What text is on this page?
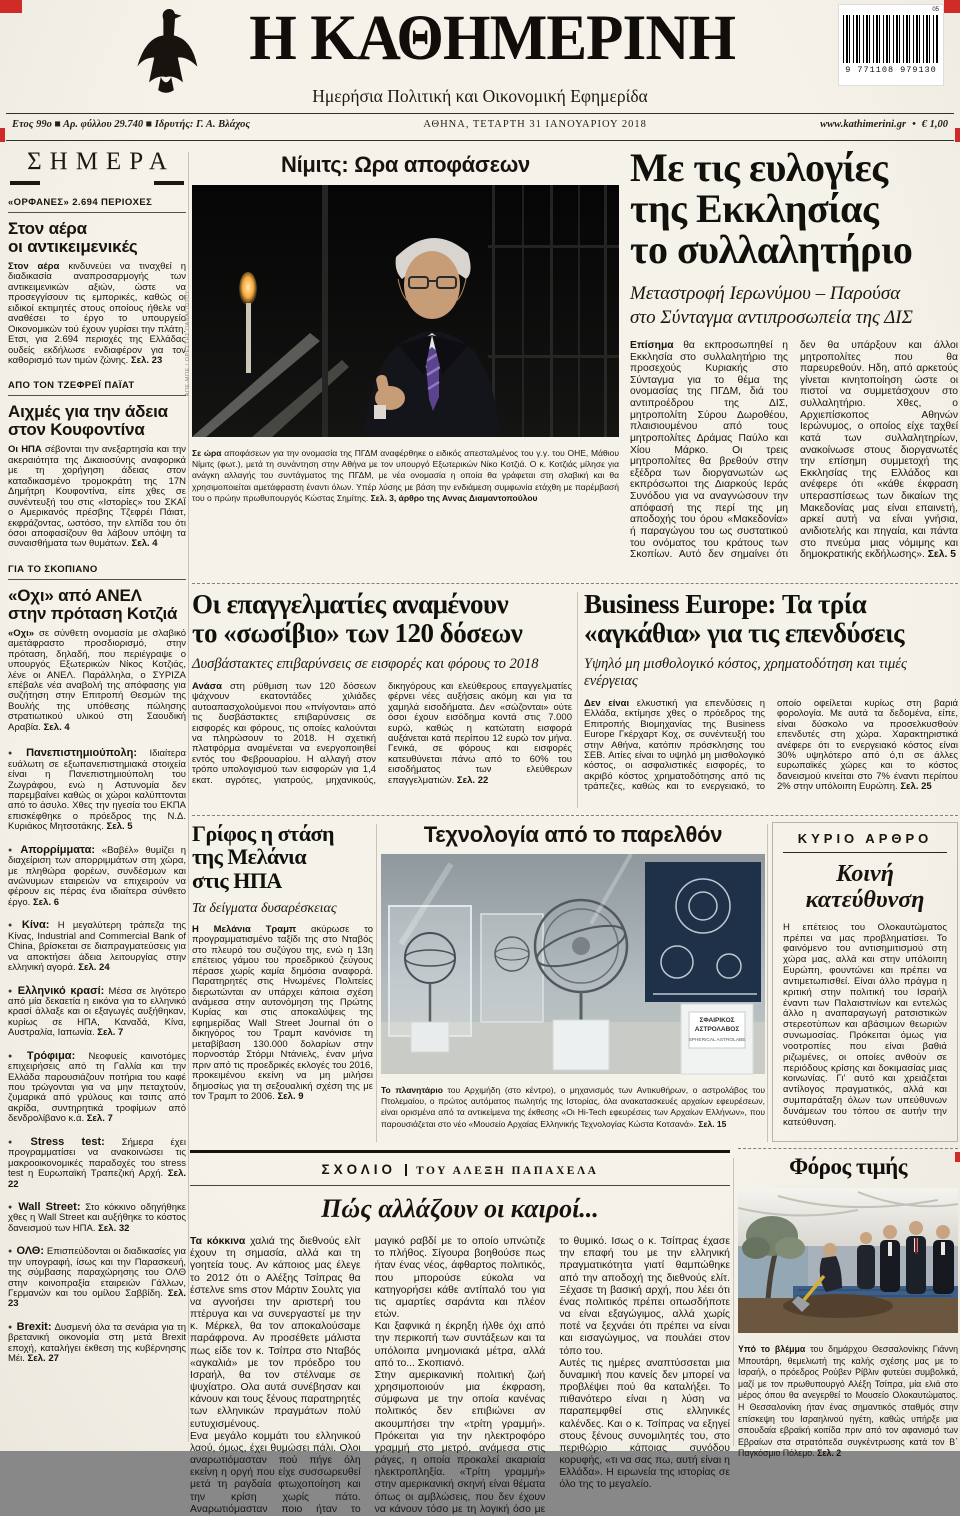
Η ΚΑΘΗΜΕΡΙΝΗ	05
9 771108 979130
Ημερήσια Πολιτική και Οικονομική Εφημερίδα
Ετος 99ο ■ Αρ. φύλλου 29.740 ■ Ιδρυτής: Γ. Α. Βλάχος	ΑΘΗΝΑ, ΤΕΤΑΡΤΗ 31 ΙΑΝΟΥΑΡΙΟΥ 2018	www.kathimerini.gr • € 1,00
ΣΗΜΕΡΑ
«ΟΡΦΑΝΕΣ» 2.694 ΠΕΡΙΟΧΕΣ
Στον αέρα
οι αντικειμενικές

Στον αέρα κινδυνεύει να τιναχθεί η διαδικασία αναπροσαρμογής των αντικειμενικών αξιών, ώστε να προσεγγίσουν τις εμπορικές, καθώς οι ειδικοί εκτιμητές στους οποίους ήθελε να αναθέσει το έργο το υπουργείο Οικονομικών τού έχουν γυρίσει την πλάτη. Ετσι, για 2.694 περιοχές της Ελλάδας ουδείς εκδήλωσε ενδιαφέρον για τον καθορισμό των τιμών ζώνης. Σελ. 23

ΑΠΟ ΤΟΝ ΤΖΕΦΡΕΪ ΠΑΪΑΤ
Αιχμές για την άδεια
στον Κουφοντίνα

Οι ΗΠΑ σέβονται την ανεξαρτησία και την ακεραιότητα της Δικαιοσύνης αναφορικά με τη χορήγηση άδειας στον καταδικασμένο τρομοκράτη της 17Ν Δημήτρη Κουφοντίνα, είπε χθες σε συνέντευξή του στις «Ιστορίες» του ΣΚΑΪ ο Αμερικανός πρέσβης Τζεφρέι Πάιατ, εκφράζοντας, ωστόσο, την ελπίδα του ότι όσοι αποφασίζουν θα λάβουν υπόψη τα συναισθήματα των θυμάτων. Σελ. 4

ΓΙΑ ΤΟ ΣΚΟΠΙΑΝΟ
«Οχι» από ΑΝΕΛ
στην πρόταση Κοτζιά

«Οχι» σε σύνθετη ονομασία με σλαβικό αμετάφραστο προσδιορισμό, στην πρόταση, δηλαδή, που περιέγραψε ο υπουργός Εξωτερικών Νίκος Κοτζιάς, λένε οι ΑΝΕΛ. Παράλληλα, ο ΣΥΡΙΖΑ επέβαλε νέα αναβολή της απόφασης για συζήτηση στην Επιτροπή Θεσμών της Βουλής της υπόθεσης πώλησης στρατιωτικού υλικού στη Σαουδική Αραβία. Σελ. 4

● Πανεπιστημιούπολη: Ιδιαίτερα ευάλωτη σε εξωπανεπιστημιακά στοιχεία είναι η Πανεπιστημιούπολη του Ζωγράφου, ενώ η Αστυνομία δεν παρεμβαίνει καθώς οι χώροι καλύπτονται από το άσυλο. Χθες την ηγεσία του ΕΚΠΑ επισκέφθηκε ο πρόεδρος της Ν.Δ. Κυριάκος Μητσοτάκης. Σελ. 5

● Απορρίμματα: «Βαβέλ» θυμίζει η διαχείριση των απορριμμάτων στη χώρα, με πληθώρα φορέων, συνδέσμων και ανώνυμων εταιρειών να επιχειρούν να φέρουν εις πέρας ένα ιδιαίτερα σύνθετο έργο. Σελ. 6

● Κίνα: Η μεγαλύτερη τράπεζα της Κίνας, Industrial and Commercial Bank of China, βρίσκεται σε διαπραγματεύσεις για να αποκτήσει άδεια λειτουργίας στην ελληνική αγορά. Σελ. 24

● Ελληνικό κρασί: Μέσα σε λιγότερο από μία δεκαετία η εικόνα για το ελληνικό κρασί άλλαξε και οι εξαγωγές αυξήθηκαν, κυρίως σε ΗΠΑ, Καναδά, Κίνα, Αυστραλία, Ιαπωνία. Σελ. 7

● Τρόφιμα: Νεοφυείς καινοτόμες επιχειρήσεις από τη Γαλλία και την Ελλάδα παρουσιάζουν ποτήρια του καφέ που τρώγονται για να μην πεταχτούν, ζυμαρικά από γρύλους και τσιπς από ακρίδα, συντηρητικά τροφίμων από δενδρολίβανο κ.ά. Σελ. 7

● Stress test: Σήμερα έχει προγραμματίσει να ανακοινώσει τις μακροοικονομικές παραδοχές του stress test η Ευρωπαϊκή Τραπεζική Αρχή. Σελ. 22

● Wall Street: Στο κόκκινο οδηγήθηκε χθες η Wall Street και αυξήθηκε το κόστος δανεισμού των ΗΠΑ. Σελ. 32

● ΟΛΘ: Επισπεύδονται οι διαδικασίες για την υπογραφή, ίσως και την Παρασκευή, της σύμβασης παραχώρησης του ΟΛΘ στην κοινοπραξία εταιρειών Γάλλων, Γερμανών και του ομίλου Σαββίδη. Σελ. 23

● Brexit: Δυσμενή όλα τα σενάρια για τη βρετανική οικονομία στη μετά Brexit εποχή, καταλήγει έκθεση της κυβέρνησης Μέι. Σελ. 27

Νίμιτς: Ωρα αποφάσεων

Σε ώρα αποφάσεων για την ονομασία της ΠΓΔΜ αναφέρθηκε ο ειδικός απεσταλμένος του γ.γ. του ΟΗΕ, Μάθιου Νίμιτς (φωτ.), μετά τη συνάντηση στην Αθήνα με τον υπουργό Εξωτερικών Νίκο Κοτζιά. Ο κ. Κοτζιάς μίλησε για ανάγκη αλλαγής του συντάγματος της ΠΓΔΜ, με νέα ονομασία η οποία θα γράφεται στη σλαβική και θα χρησιμοποιείται αμετάφραστη έναντι όλων. Υπέρ λύσης με βάση την ενδιάμεση συμφωνία ετάχθη με παρέμβασή του ο πρώην πρωθυπουργός Κώστας Σημίτης. Σελ. 3, άρθρο της Αννας Διαμαντοπούλου

ΑΠΕ-ΜΠΕ / ΟΡΕΣΤΗΣ ΠΑΝΑΓΙΩΤΟΥ
Με τις ευλογίες
της Εκκλησίας
το συλλαλητήριο
Μεταστροφή Ιερωνύμου – Παρούσα
στο Σύνταγμα αντιπροσωπεία της ΔΙΣ
Επίσημα θα εκπροσωπηθεί η Εκκλησία στο συλλαλητήριο της προσεχούς Κυριακής στο Σύνταγμα για το θέμα της ονομασίας της ΠΓΔΜ, διά του αντιπροέδρου της ΔΙΣ, μητροπολίτη Σύρου Δωροθέου, πλαισιουμένου από τους μητροπολίτες Δράμας Παύλο και Χίου Μάρκο. Οι τρεις μητροπολίτες θα βρεθούν στην εξέδρα των διοργανωτών ως εκπρόσωποι της Διαρκούς Ιεράς Συνόδου για να αναγνώσουν την απόφασή της περί της μη αποδοχής του όρου «Μακεδονία» ή παραγώγου του ως συστατικού του ονόματος του κράτους των Σκοπίων. Αυτό δεν σημαίνει ότι δεν θα υπάρξουν και άλλοι μητροπολίτες που θα παρευρεθούν. Ηδη, από αρκετούς γίνεται κινητοποίηση ώστε οι πιστοί να συμμετάσχουν στο συλλαλητήριο. Χθες, ο Αρχιεπίσκοπος Αθηνών Ιερώνυμος, ο οποίος είχε ταχθεί κατά των συλλαλητηρίων, ανακοίνωσε στους διοργανωτές την επίσημη συμμετοχή της Εκκλησίας της Ελλάδος και ανέφερε ότι «κάθε έκφραση υπερασπίσεως των δικαίων της Μακεδονίας μας είναι επαινετή, αρκεί αυτή να είναι γνήσια, ανιδιοτελής και πηγαία, και πάντα στο πνεύμα μιας νόμιμης και δημοκρατικής εκδήλωσης». Σελ. 5
Οι επαγγελματίες αναμένουν
το «σωσίβιο» των 120 δόσεων
Δυσβάστακτες επιβαρύνσεις σε εισφορές και φόρους το 2018
Ανάσα στη ρύθμιση των 120 δόσεων ψάχνουν εκατοντάδες χιλιάδες αυτοαπασχολούμενοι που «πνίγονται» από τις δυσβάστακτες επιβαρύνσεις σε εισφορές και φόρους, τις οποίες καλούνται να πληρώσουν το 2018. Η σχετική πλατφόρμα αναμένεται να ενεργοποιηθεί εντός του Φεβρουαρίου. Η αλλαγή στον τρόπο υπολογισμού των εισφορών για 1,4 εκατ. αγρότες, γιατρούς, μηχανικούς, δικηγόρους και ελεύθερους επαγγελματίες φέρνει νέες αυξήσεις ακόμη και για τα χαμηλά εισοδήματα. Δεν «σώζονται» ούτε όσοι έχουν εισόδημα κοντά στις 7.000 ευρώ, καθώς η κατώτατη εισφορά αυξάνεται κατά περίπου 12 ευρώ τον μήνα. Γενικά, σε φόρους και εισφορές κατευθύνεται πάνω από το 60% του εισοδήματος των ελεύθερων επαγγελματιών. Σελ. 22
Business Europe: Τα τρία
«αγκάθια» για τις επενδύσεις
Υψηλό μη μισθολογικό κόστος, χρηματοδότηση και τιμές ενέργειας
Δεν είναι ελκυστική για επενδύσεις η Ελλάδα, εκτίμησε χθες ο πρόεδρος της Επιτροπής Βιομηχανίας της Business Europe Γκέρχαρτ Κοχ, σε συνέντευξή του στην Αθήνα, κατόπιν πρόσκλησης του ΣΕΒ. Αιτίες είναι το υψηλό μη μισθολογικό κόστος, οι ασφαλιστικές εισφορές, το ακριβό κόστος χρηματοδότησης από τις τράπεζες, καθώς και το ενεργειακό, το οποίο οφείλεται κυρίως στη βαριά φορολογία. Με αυτά τα δεδομένα, είπε, είναι δύσκολο να προσελκυσθούν επενδυτές στη χώρα. Χαρακτηριστικά ανέφερε ότι το ενεργειακό κόστος είναι 30% υψηλότερο από ό,τι σε άλλες ευρωπαϊκές χώρες και το κόστος δανεισμού κινείται στο 7% έναντι περίπου 2% στην υπόλοιπη Ευρώπη. Σελ. 25
Γρίφος η στάση
της Μελάνια
στις ΗΠΑ
Τα δείγματα δυσαρέσκειας
Η Μελάνια Τραμπ ακύρωσε το προγραμματισμένο ταξίδι της στο Νταβός στο πλευρό του συζύγου της, ενώ η 13η επέτειος γάμου του προεδρικού ζεύγους πέρασε χωρίς καμία δημόσια αναφορά. Παρατηρητές στις Ηνωμένες Πολιτείες διερωτώνται αν υπάρχει κάποια σχέση ανάμεσα στην αυτονόμηση της Πρώτης Κυρίας και στις αποκαλύψεις της εφημερίδας Wall Street Journal ότι ο δικηγόρος του Τραμπ κανόνισε τη μεταβίβαση 130.000 δολαρίων στην πορνοστάρ Στόρμι Ντάνιελς, έναν μήνα πριν από τις προεδρικές εκλογές του 2016, προκειμένου εκείνη να μη μιλήσει δημοσίως για τη σεξουαλική σχέση της με τον Τραμπ το 2006. Σελ. 9
Τεχνολογία από το παρελθόν
ΣΦΑΙΡΙΚΟΣ
ΑΣΤΡΟΛΑΒΟΣ
SPHERICAL ASTROLABE

Το πλανητάριο του Αρχιμήδη (στο κέντρο), ο μηχανισμός των Αντικυθήρων, ο αστρολάβος του Πτολεμαίου, ο πρώτος αυτόματος πωλητής της Ιστορίας, όλα ανακατασκευές αρχαίων εφευρέσεων, είναι ορισμένα από τα αντικείμενα της έκθεσης «Οι Hi-Tech εφευρέσεις των Αρχαίων Ελλήνων», που παρουσιάζεται στο νέο «Μουσείο Αρχαίας Ελληνικής Τεχνολογίας Κώστα Κοτσανά». Σελ. 15

ΚΥΡΙΟ ΑΡΘΡΟ
Κοινή
κατεύθυνση

Η επέτειος του Ολοκαυτώματος πρέπει να μας προβληματίσει. Το φαινόμενο του αντισημιτισμού στη χώρα μας, αλλά και στην υπόλοιπη Ευρώπη, φουντώνει και πρέπει να αντιμετωπισθεί. Είναι άλλο πράγμα η κριτική στην πολιτική του Ισραήλ έναντι των Παλαιστινίων και εντελώς άλλο η αναπαραγωγή ρατσιστικών στερεοτύπων και αβάσιμων θεωριών συνωμοσίας. Πρόκειται όμως για νοοτροπίες που είναι βαθιά ριζωμένες, οι οποίες ανθούν σε περιόδους κρίσης και δοκιμασίας μιας κοινωνίας. Γι' αυτό και χρειάζεται αντίλογος πραγματικός, αλλά και συμπαράταξη όλων των υπεύθυνων δυνάμεων του τόπου σε αυτήν την κατεύθυνση.

ΣΧΟΛΙΟ ΤΟΥ ΑΛΕΞΗ ΠΑΠΑΧΕΛΑ
Πώς αλλάζουν οι καιροί...

Τα κόκκινα χαλιά της διεθνούς ελίτ έχουν τη σημασία, αλλά και τη γοητεία τους. Αν κάποιος μας έλεγε το 2012 ότι ο Αλέξης Τσίπρας θα έστελνε sms στον Μάρτιν Σουλτς για να αγνοήσει την αριστερή του πτέρυγα και να συνεργαστεί με την κ. Μέρκελ, θα τον αποκαλούσαμε παράφρονα. Αν προσέθετε μάλιστα πως είδε τον κ. Τσίπρα στο Νταβός «αγκαλιά» με τον πρόεδρο του Ισραήλ, θα τον στέλναμε σε ψυχίατρο. Ολα αυτά συνέβησαν και κάνουν και τους ξένους παρατηρητές των ελληνικών πραγμάτων πολύ ευτυχισμένους.

Ενα μεγάλο κομμάτι του ελληνικού λαού, όμως, έχει θυμώσει πάλι. Ολοι αναρωτιόμασταν πού πήγε όλη εκείνη η οργή που είχε συσσωρευθεί μετά τη ραγδαία φτωχοποίηση και την κρίση χωρίς πάτο. Αναρωτιόμασταν ποιο ήταν το μαγικό ραβδί με το οποίο υπνώτιζε το πλήθος. Σίγουρα βοηθούσε πως ήταν ένας νέος, άφθαρτος πολιτικός, που μπορούσε εύκολα να κατηγορήσει κάθε αντίπαλό του για τις αμαρτίες σαράντα και πλέον ετών.

Και ξαφνικά η έκρηξη ήλθε όχι από την περικοπή των συντάξεων και τα υπόλοιπα μνημονιακά μέτρα, αλλά από το... Σκοπιανό.

Στην αμερικανική πολιτική ζωή χρησιμοποιούν μια έκφραση, σύμφωνα με την οποία κανένας πολιτικός δεν επιβιώνει αν ακουμπήσει την «τρίτη γραμμή». Πρόκειται για την ηλεκτροφόρο γραμμή στο μετρό, ανάμεσα στις ράγες, η οποία προκαλεί ακαριαία ηλεκτροπληξία. «Τρίτη γραμμή» στην αμερικανική σκηνή είναι θέματα όπως οι αμβλώσεις, που δεν έχουν να κάνουν τόσο με τη λογική όσο με το θυμικό. Ισως ο κ. Τσίπρας έχασε την επαφή του με την ελληνική πραγματικότητα γιατί θαμπώθηκε από την αποδοχή της διεθνούς ελίτ. Ξέχασε τη βασική αρχή, που λέει ότι ένας πολιτικός πρέπει οπωσδήποτε να είναι εξαγώγιμος, αλλά χωρίς ποτέ να ξεχνάει ότι πρέπει να είναι και εισαγώγιμος, να πουλάει στον τόπο του.

Αυτές τις ημέρες αναπτύσσεται μια δυναμική που κανείς δεν μπορεί να προβλέψει πού θα καταλήξει. Το πιθανότερο είναι η λύση να παραπεμφθεί στις ελληνικές καλένδες. Και ο κ. Τσίπρας να εξηγεί στους ξένους συνομιλητές του, στο περιθώριο κάποιας συνόδου κορυφής, «τι να σας πω, αυτή είναι η Ελλάδα». Η ειρωνεία της ιστορίας σε όλο της το μεγαλείο.

Φόρος τιμής

Υπό το βλέμμα του δημάρχου Θεσσαλονίκης Γιάννη Μπουτάρη, θεμελιωτή της καλής σχέσης μας με το Ισραήλ, ο πρόεδρος Ρούβεν Ρίβλιν φυτεύει συμβολικά, μαζί με τον πρωθυπουργό Αλέξη Τσίπρα, μία ελιά στο μέρος όπου θα ανεγερθεί το Μουσείο Ολοκαυτώματος. Η Θεσσαλονίκη ήταν ένας σημαντικός σταθμός στην επίσκεψη του Ισραηλινού ηγέτη, καθώς υπήρξε μια σπουδαία εβραϊκή κοιτίδα πριν από τον αφανισμό των Εβραίων στα στρατόπεδα συγκέντρωσης κατά τον Β΄ Παγκόσμιο Πόλεμο. Σελ. 2
